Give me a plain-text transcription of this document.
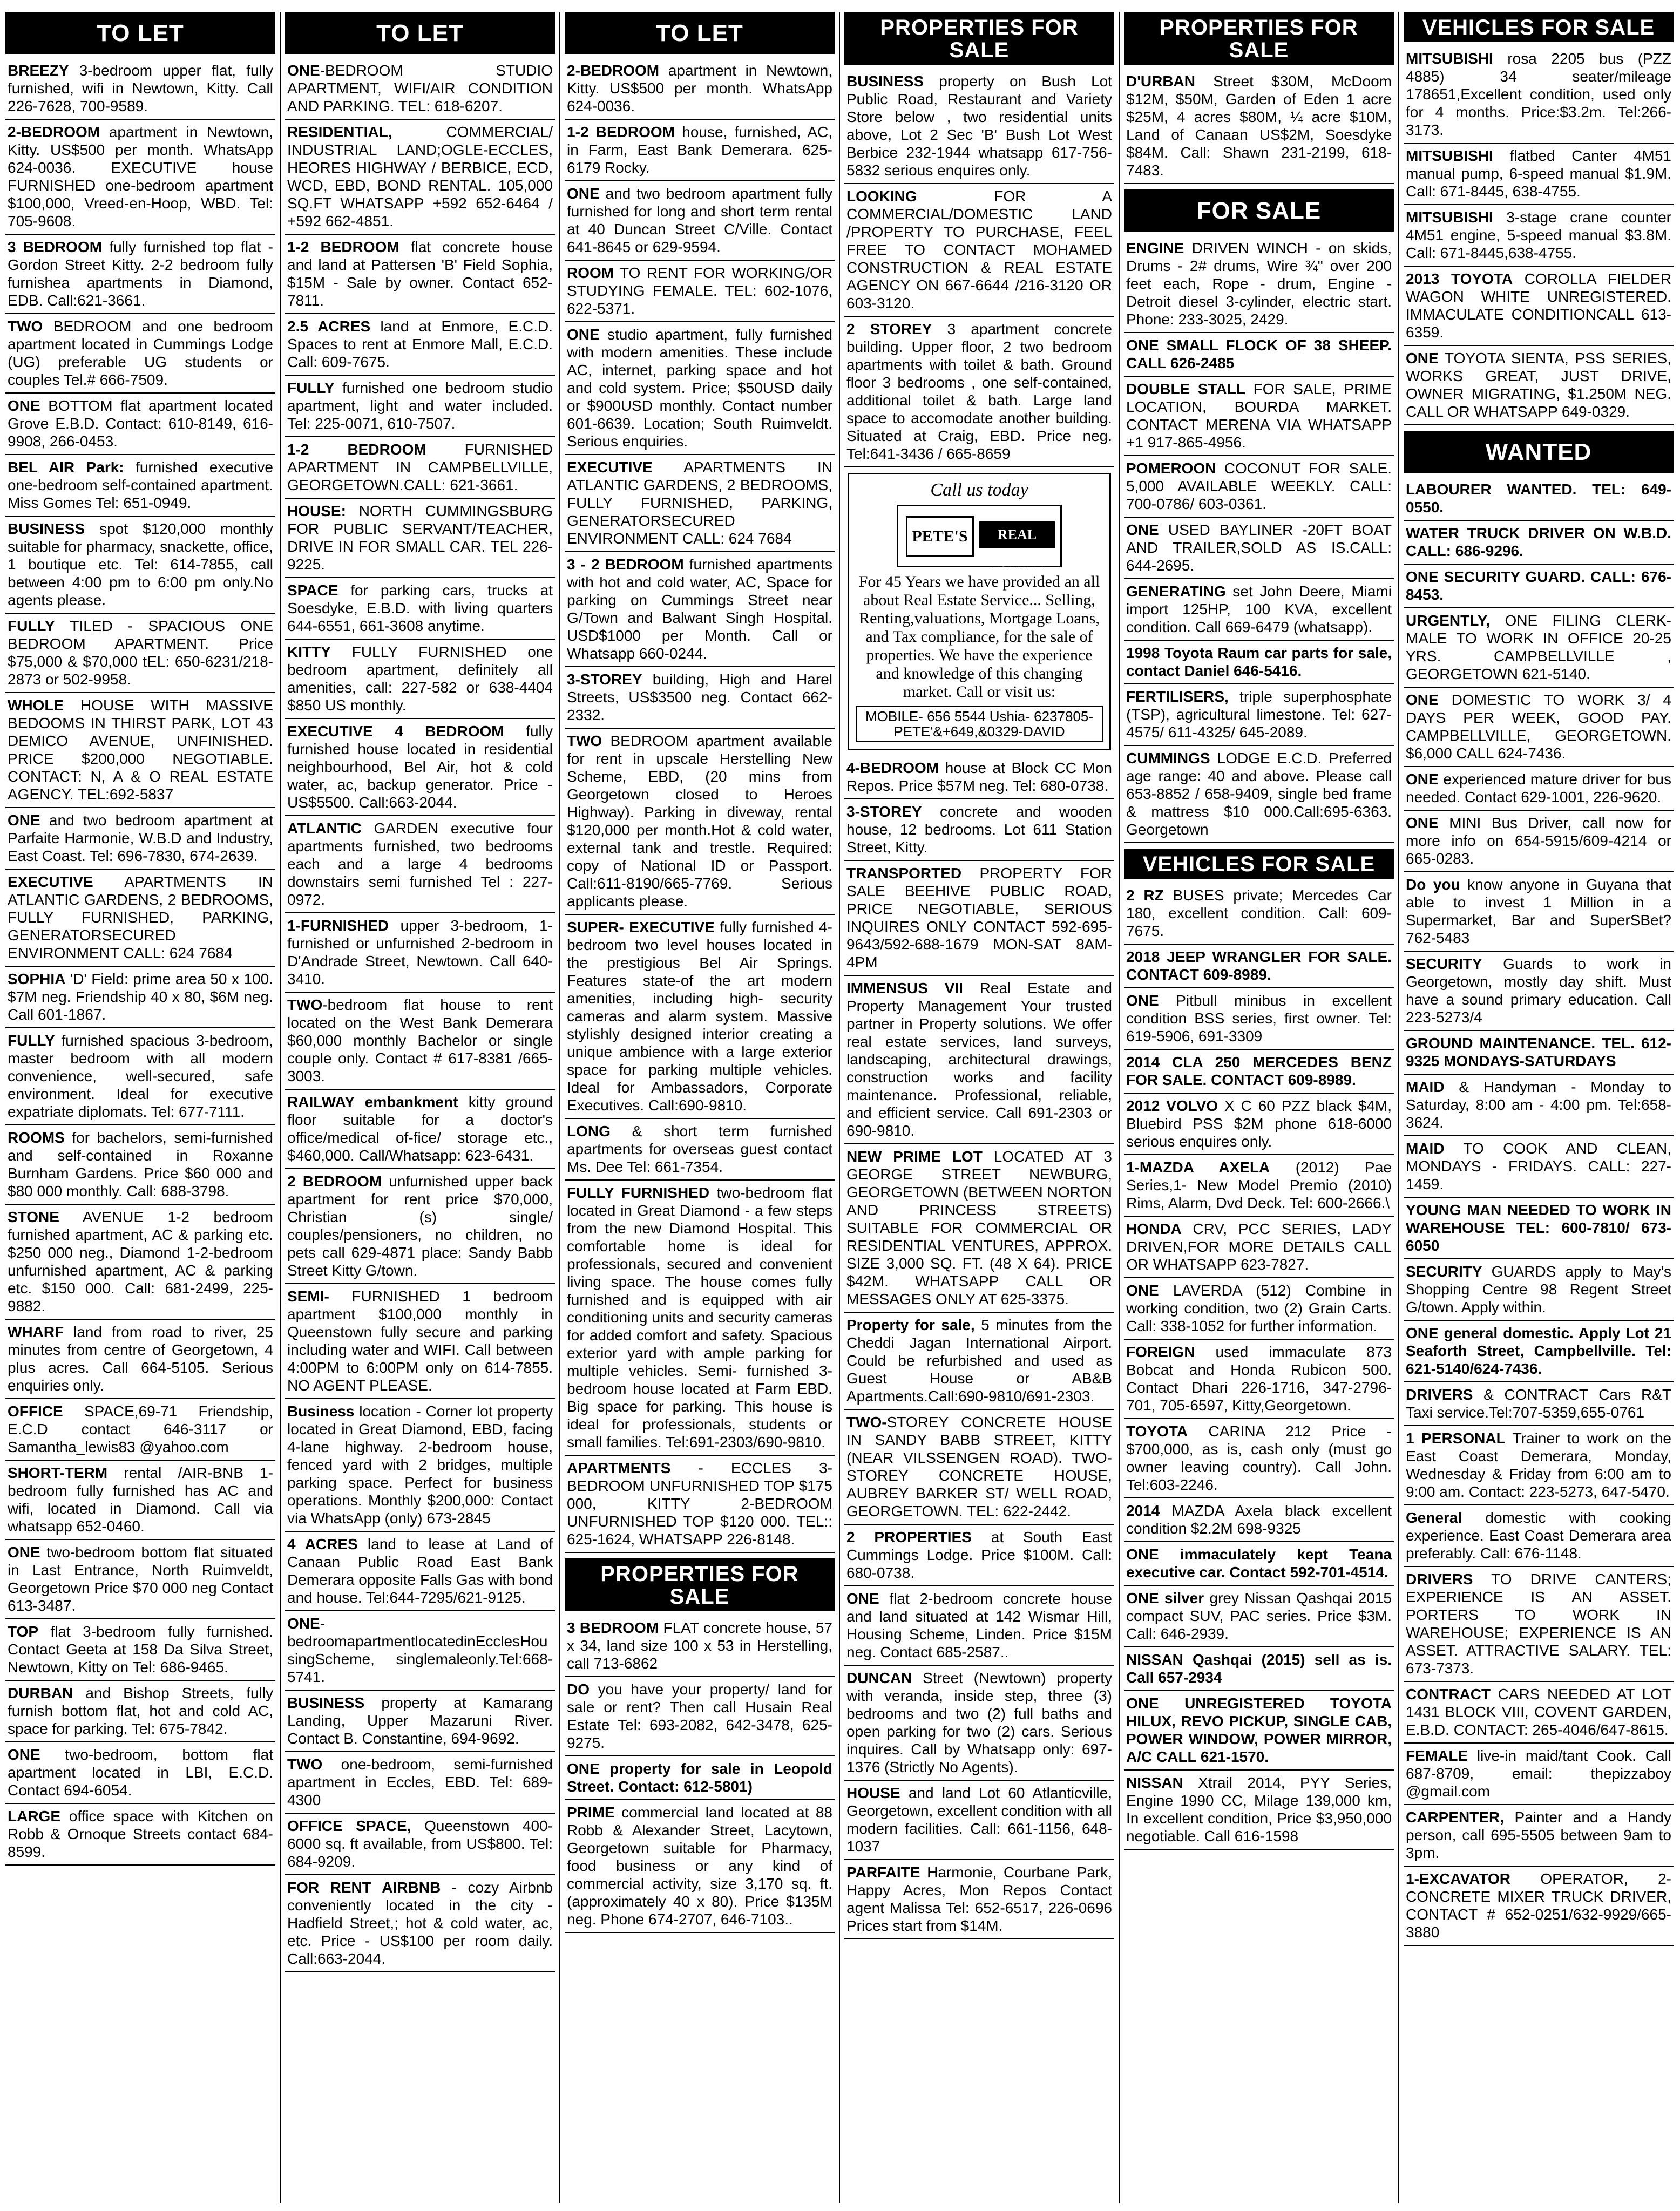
TO LET
BREEZY 3-bedroom upper flat, fully furnished, wifi in Newtown, Kitty. Call 226-7628, 700-9589.
2-BEDROOM apartment in Newtown, Kitty. US$500 per month. WhatsApp 624-0036. EXECUTIVE house FURNISHED one-bedroom apartment $100,000, Vreed-en-Hoop, WBD. Tel: 705-9608.
3 BEDROOM fully furnished top flat - Gordon Street Kitty. 2-2 bedroom fully furnishea apartments in Diamond, EDB. Call:621-3661.
TWO BEDROOM and one bedroom apartment located in Cummings Lodge (UG) preferable UG students or couples Tel.# 666-7509.
ONE BOTTOM flat apartment located Grove E.B.D. Contact: 610-8149, 616-9908, 266-0453.
BEL AIR Park: furnished executive one-bedroom self-contained apartment. Miss Gomes Tel: 651-0949.
BUSINESS spot $120,000 monthly suitable for pharmacy, snackette, office, 1 boutique etc. Tel: 614-7855, call between 4:00 pm to 6:00 pm only.No agents please.
FULLY TILED - SPACIOUS ONE BEDROOM APARTMENT. Price $75,000 & $70,000 tEL: 650-6231/218-2873 or 502-9958.
WHOLE HOUSE WITH MASSIVE BEDOOMS IN THIRST PARK, LOT 43 DEMICO AVENUE, UNFINISHED. PRICE $200,000 NEGOTIABLE. CONTACT: N, A & O REAL ESTATE AGENCY. TEL:692-5837
ONE and two bedroom apartment at Parfaite Harmonie, W.B.D and Industry, East Coast. Tel: 696-7830, 674-2639.
EXECUTIVE APARTMENTS IN ATLANTIC GARDENS, 2 BEDROOMS, FULLY FURNISHED, PARKING, GENERATORSECURED ENVIRONMENT CALL: 624 7684
SOPHIA 'D' Field: prime area 50 x 100. $7M neg. Friendship 40 x 80, $6M neg. Call 601-1867.
FULLY furnished spacious 3-bedroom, master bedroom with all modern convenience, well-secured, safe environment. Ideal for executive expatriate diplomats. Tel: 677-7111.
ROOMS for bachelors, semi-furnished and self-contained in Roxanne Burnham Gardens. Price $60 000 and $80 000 monthly. Call: 688-3798.
STONE AVENUE 1-2 bedroom furnished apartment, AC & parking etc. $250 000 neg., Diamond 1-2-bedroom unfurnished apartment, AC & parking etc. $150 000. Call: 681-2499, 225-9882.
WHARF land from road to river, 25 minutes from centre of Georgetown, 4 plus acres. Call 664-5105. Serious enquiries only.
OFFICE SPACE,69-71 Friendship, E.C.D contact 646-3117 or Samantha_lewis83 @yahoo.com
SHORT-TERM rental /AIR-BNB 1-bedroom fully furnished has AC and wifi, located in Diamond. Call via whatsapp 652-0460.
ONE two-bedroom bottom flat situated in Last Entrance, North Ruimveldt, Georgetown Price $70 000 neg Contact 613-3487.
TOP flat 3-bedroom fully furnished. Contact Geeta at 158 Da Silva Street, Newtown, Kitty on Tel: 686-9465.
DURBAN and Bishop Streets, fully furnish bottom flat, hot and cold AC, space for parking. Tel: 675-7842.
ONE two-bedroom, bottom flat apartment located in LBI, E.C.D. Contact 694-6054.
LARGE office space with Kitchen on Robb & Ornoque Streets contact 684-8599.
TO LET
ONE-BEDROOM STUDIO APARTMENT, WIFI/AIR CONDITION AND PARKING. TEL: 618-6207.
RESIDENTIAL, COMMERCIAL/ INDUSTRIAL LAND;OGLE-ECCLES, HEORES HIGHWAY / BERBICE, ECD, WCD, EBD, BOND RENTAL. 105,000 SQ.FT WHATSAPP +592 652-6464 / +592 662-4851.
1-2 BEDROOM flat concrete house and land at Pattersen 'B' Field Sophia, $15M - Sale by owner. Contact 652-7811.
2.5 ACRES land at Enmore, E.C.D. Spaces to rent at Enmore Mall, E.C.D. Call: 609-7675.
FULLY furnished one bedroom studio apartment, light and water included. Tel: 225-0071, 610-7507.
1-2 BEDROOM FURNISHED APARTMENT IN CAMPBELLVILLE, GEORGETOWN.CALL: 621-3661.
HOUSE: NORTH CUMMINGSBURG FOR PUBLIC SERVANT/TEACHER, DRIVE IN FOR SMALL CAR. TEL 226-9225.
SPACE for parking cars, trucks at Soesdyke, E.B.D. with living quarters 644-6551, 661-3608 anytime.
KITTY FULLY FURNISHED one bedroom apartment, definitely all amenities, call: 227-582 or 638-4404 $850 US monthly.
EXECUTIVE 4 BEDROOM fully furnished house located in residential neighbourhood, Bel Air, hot & cold water, ac, backup generator. Price - US$5500. Call:663-2044.
ATLANTIC GARDEN executive four apartments furnished, two bedrooms each and a large 4 bedrooms downstairs semi furnished Tel : 227-0972.
1-FURNISHED upper 3-bedroom, 1-furnished or unfurnished 2-bedroom in D'Andrade Street, Newtown. Call 640-3410.
TWO-bedroom flat house to rent located on the West Bank Demerara $60,000 monthly Bachelor or single couple only. Contact # 617-8381 /665-3003.
RAILWAY embankment kitty ground floor suitable for a doctor's office/medical of-fice/ storage etc., $460,000. Call/Whatsapp: 623-6431.
2 BEDROOM unfurnished upper back apartment for rent price $70,000, Christian (s) single/ couples/pensioners, no children, no pets call 629-4871 place: Sandy Babb Street Kitty G/town.
SEMI- FURNISHED 1 bedroom apartment $100,000 monthly in Queenstown fully secure and parking including water and WIFI. Call between 4:00PM to 6:00PM only on 614-7855. NO AGENT PLEASE.
Business location - Corner lot property located in Great Diamond, EBD, facing 4-lane highway. 2-bedroom house, fenced yard with 2 bridges, multiple parking space. Perfect for business operations. Monthly $200,000: Contact via WhatsApp (only) 673-2845
4 ACRES land to lease at Land of Canaan Public Road East Bank Demerara opposite Falls Gas with bond and house. Tel:644-7295/621-9125.
ONE-bedroomapartmentlocatedinEcclesHousingScheme, singlemaleonly.Tel:668-5741.
BUSINESS property at Kamarang Landing, Upper Mazaruni River. Contact B. Constantine, 694-9692.
TWO one-bedroom, semi-furnished apartment in Eccles, EBD. Tel: 689-4300
OFFICE SPACE, Queenstown 400-6000 sq. ft available, from US$800. Tel: 684-9209.
FOR RENT AIRBNB - cozy Airbnb conveniently located in the city - Hadfield Street,; hot & cold water, ac, etc. Price - US$100 per room daily. Call:663-2044.
TO LET
2-BEDROOM apartment in Newtown, Kitty. US$500 per month. WhatsApp 624-0036.
1-2 BEDROOM house, furnished, AC, in Farm, East Bank Demerara. 625-6179 Rocky.
ONE and two bedroom apartment fully furnished for long and short term rental at 40 Duncan Street C/Ville. Contact 641-8645 or 629-9594.
ROOM TO RENT FOR WORKING/OR STUDYING FEMALE. TEL: 602-1076, 622-5371.
ONE studio apartment, fully furnished with modern amenities. These include AC, internet, parking space and hot and cold system. Price; $50USD daily or $900USD monthly. Contact number 601-6639. Location; South Ruimveldt. Serious enquiries.
EXECUTIVE APARTMENTS IN ATLANTIC GARDENS, 2 BEDROOMS, FULLY FURNISHED, PARKING, GENERATORSECURED ENVIRONMENT CALL: 624 7684
3 - 2 BEDROOM furnished apartments with hot and cold water, AC, Space for parking on Cummings Street near G/Town and Balwant Singh Hospital. USD$1000 per Month. Call or Whatsapp 660-0244.
3-STOREY building, High and Harel Streets, US$3500 neg. Contact 662-2332.
TWO BEDROOM apartment available for rent in upscale Herstelling New Scheme, EBD, (20 mins from Georgetown closed to Heroes Highway). Parking in diveway, rental $120,000 per month.Hot & cold water, external tank and trestle. Required: copy of National ID or Passport. Call:611-8190/665-7769. Serious applicants please.
SUPER- EXECUTIVE fully furnished 4-bedroom two level houses located in the prestigious Bel Air Springs. Features state-of the art modern amenities, including high- security cameras and alarm system. Massive stylishly designed interior creating a unique ambience with a large exterior space for parking multiple vehicles. Ideal for Ambassadors, Corporate Executives. Call:690-9810.
LONG & short term furnished apartments for overseas guest contact Ms. Dee Tel: 661-7354.
FULLY FURNISHED two-bedroom flat located in Great Diamond - a few steps from the new Diamond Hospital. This comfortable home is ideal for professionals, secured and convenient living space. The house comes fully furnished and is equipped with air conditioning units and security cameras for added comfort and safety. Spacious exterior yard with ample parking for multiple vehicles. Semi- furnished 3-bedroom house located at Farm EBD. Big space for parking. This house is ideal for professionals, students or small families. Tel:691-2303/690-9810.
APARTMENTS - ECCLES 3-BEDROOM UNFURNISHED TOP $175 000, KITTY 2-BEDROOM UNFURNISHED TOP $120 000. TEL:: 625-1624, WHATSAPP 226-8148.
PROPERTIES FOR SALE
3 BEDROOM FLAT concrete house, 57 x 34, land size 100 x 53 in Herstelling, call 713-6862
DO you have your property/ land for sale or rent? Then call Husain Real Estate Tel: 693-2082, 642-3478, 625-9275.
ONE property for sale in Leopold Street. Contact: 612-5801)
PRIME commercial land located at 88 Robb & Alexander Street, Lacytown, Georgetown suitable for Pharmacy, food business or any kind of commercial activity, size 3,170 sq. ft. (approximately 40 x 80). Price $135M neg. Phone 674-2707, 646-7103..
PROPERTIES FOR SALE
BUSINESS property on Bush Lot Public Road, Restaurant and Variety Store below , two residential units above, Lot 2 Sec 'B' Bush Lot West Berbice 232-1944 whatsapp 617-756-5832 serious enquires only.
LOOKING FOR A COMMERCIAL/DOMESTIC LAND /PROPERTY TO PURCHASE, FEEL FREE TO CONTACT MOHAMED CONSTRUCTION & REAL ESTATE AGENCY ON 667-6644 /216-3120 OR 603-3120.
2 STOREY 3 apartment concrete building. Upper floor, 2 two bedroom apartments with toilet & bath. Ground floor 3 bedrooms , one self-contained, additional toilet & bath. Large land space to accomodate another building. Situated at Craig, EBD. Price neg. Tel:641-3436 / 665-8659
Call us today
PETE'S	REAL ESTATE
For 45 Years we have provided an all about Real Estate Service... Selling, Renting,valuations, Mortgage Loans, and Tax compliance, for the sale of properties. We have the experience and knowledge of this changing market. Call or visit us:
MOBILE- 656 5544 Ushia- 6237805- PETE'&+649,&0329-DAVID
4-BEDROOM house at Block CC Mon Repos. Price $57M neg. Tel: 680-0738.
3-STOREY concrete and wooden house, 12 bedrooms. Lot 611 Station Street, Kitty.
TRANSPORTED PROPERTY FOR SALE BEEHIVE PUBLIC ROAD, PRICE NEGOTIABLE, SERIOUS INQUIRES ONLY CONTACT 592-695-9643/592-688-1679 MON-SAT 8AM-4PM
IMMENSUS VII Real Estate and Property Management Your trusted partner in Property solutions. We offer real estate services, land surveys, landscaping, architectural drawings, construction works and facility maintenance. Professional, reliable, and efficient service. Call 691-2303 or 690-9810.
NEW PRIME LOT LOCATED AT 3 GEORGE STREET NEWBURG, GEORGETOWN (BETWEEN NORTON AND PRINCESS STREETS) SUITABLE FOR COMMERCIAL OR RESIDENTIAL VENTURES, APPROX. SIZE 3,000 SQ. FT. (48 X 64). PRICE $42M. WHATSAPP CALL OR MESSAGES ONLY AT 625-3375.
Property for sale, 5 minutes from the Cheddi Jagan International Airport. Could be refurbished and used as Guest House or AB&B Apartments.Call:690-9810/691-2303.
TWO-STOREY CONCRETE HOUSE IN SANDY BABB STREET, KITTY (NEAR VILSSENGEN ROAD). TWO-STOREY CONCRETE HOUSE, AUBREY BARKER ST/ WELL ROAD, GEORGETOWN. TEL: 622-2442.
2 PROPERTIES at South East Cummings Lodge. Price $100M. Call: 680-0738.
ONE flat 2-bedroom concrete house and land situated at 142 Wismar Hill, Housing Scheme, Linden. Price $15M neg. Contact 685-2587..
DUNCAN Street (Newtown) property with veranda, inside step, three (3) bedrooms and two (2) full baths and open parking for two (2) cars. Serious inquires. Call by Whatsapp only: 697-1376 (Strictly No Agents).
HOUSE and land Lot 60 Atlanticville, Georgetown, excellent condition with all modern facilities. Call: 661-1156, 648-1037
PARFAITE Harmonie, Courbane Park, Happy Acres, Mon Repos Contact agent Malissa Tel: 652-6517, 226-0696 Prices start from $14M.
PROPERTIES FOR SALE
D'URBAN Street $30M, McDoom $12M, $50M, Garden of Eden 1 acre $25M, 4 acres $80M, ¼ acre $10M, Land of Canaan US$2M, Soesdyke $84M. Call: Shawn 231-2199, 618-7483.
FOR SALE
ENGINE DRIVEN WINCH - on skids, Drums - 2# drums, Wire ¾" over 200 feet each, Rope - drum, Engine - Detroit diesel 3-cylinder, electric start. Phone: 233-3025, 2429.
ONE SMALL FLOCK OF 38 SHEEP. CALL 626-2485
DOUBLE STALL FOR SALE, PRIME LOCATION, BOURDA MARKET. CONTACT MERENA VIA WHATSAPP +1 917-865-4956.
POMEROON COCONUT FOR SALE. 5,000 AVAILABLE WEEKLY. CALL: 700-0786/ 603-0361.
ONE USED BAYLINER -20FT BOAT AND TRAILER,SOLD AS IS.CALL: 644-2695.
GENERATING set John Deere, Miami import 125HP, 100 KVA, excellent condition. Call 669-6479 (whatsapp).
1998 Toyota Raum car parts for sale, contact Daniel 646-5416.
FERTILISERS, triple superphosphate (TSP), agricultural limestone. Tel: 627-4575/ 611-4325/ 645-2089.
CUMMINGS LODGE E.C.D. Preferred age range: 40 and above. Please call 653-8852 / 658-9409, single bed frame & mattress $10 000.Call:695-6363. Georgetown
VEHICLES FOR SALE
2 RZ BUSES private; Mercedes Car 180, excellent condition. Call: 609-7675.
2018 JEEP WRANGLER FOR SALE. CONTACT 609-8989.
ONE Pitbull minibus in excellent condition BSS series, first owner. Tel: 619-5906, 691-3309
2014 CLA 250 MERCEDES BENZ FOR SALE. CONTACT 609-8989.
2012 VOLVO X C 60 PZZ black $4M, Bluebird PSS $2M phone 618-6000 serious enquires only.
1-MAZDA AXELA (2012) Pae Series,1- New Model Premio (2010) Rims, Alarm, Dvd Deck. Tel: 600-2666.\
HONDA CRV, PCC SERIES, LADY DRIVEN,FOR MORE DETAILS CALL OR WHATSAPP 623-7827.
ONE LAVERDA (512) Combine in working condition, two (2) Grain Carts. Call: 338-1052 for further information.
FOREIGN used immaculate 873 Bobcat and Honda Rubicon 500. Contact Dhari 226-1716, 347-2796-701, 705-6597, Kitty,Georgetown.
TOYOTA CARINA 212 Price - $700,000, as is, cash only (must go owner leaving country). Call John. Tel:603-2246.
2014 MAZDA Axela black excellent condition $2.2M 698-9325
ONE immaculately kept Teana executive car. Contact 592-701-4514.
ONE silver grey Nissan Qashqai 2015 compact SUV, PAC series. Price $3M. Call: 646-2939.
NISSAN Qashqai (2015) sell as is. Call 657-2934
ONE UNREGISTERED TOYOTA HILUX, REVO PICKUP, SINGLE CAB, POWER WINDOW, POWER MIRROR, A/C CALL 621-1570.
NISSAN Xtrail 2014, PYY Series, Engine 1990 CC, Milage 139,000 km, In excellent condition, Price $3,950,000 negotiable. Call 616-1598
VEHICLES FOR SALE
MITSUBISHI rosa 2205 bus (PZZ 4885) 34 seater/mileage 178651,Excellent condition, used only for 4 months. Price:$3.2m. Tel:266-3173.
MITSUBISHI flatbed Canter 4M51 manual pump, 6-speed manual $1.9M. Call: 671-8445, 638-4755.
MITSUBISHI 3-stage crane counter 4M51 engine, 5-speed manual $3.8M. Call: 671-8445,638-4755.
2013 TOYOTA COROLLA FIELDER WAGON WHITE UNREGISTERED. IMMACULATE CONDITIONCALL 613-6359.
ONE TOYOTA SIENTA, PSS SERIES, WORKS GREAT, JUST DRIVE, OWNER MIGRATING, $1.250M NEG. CALL OR WHATSAPP 649-0329.
WANTED
LABOURER WANTED. TEL: 649-0550.
WATER TRUCK DRIVER ON W.B.D. CALL: 686-9296.
ONE SECURITY GUARD. CALL: 676-8453.
URGENTLY, ONE FILING CLERK- MALE TO WORK IN OFFICE 20-25 YRS. CAMPBELLVILLE , GEORGETOWN 621-5140.
ONE DOMESTIC TO WORK 3/ 4 DAYS PER WEEK, GOOD PAY. CAMPBELLVILLE, GEORGETOWN. $6,000 CALL 624-7436.
ONE experienced mature driver for bus needed. Contact 629-1001, 226-9620.
ONE MINI Bus Driver, call now for more info on 654-5915/609-4214 or 665-0283.
Do you know anyone in Guyana that able to invest 1 Million in a Supermarket, Bar and SuperSBet? 762-5483
SECURITY Guards to work in Georgetown, mostly day shift. Must have a sound primary education. Call 223-5273/4
GROUND MAINTENANCE. TEL. 612-9325 MONDAYS-SATURDAYS
MAID & Handyman - Monday to Saturday, 8:00 am - 4:00 pm. Tel:658-3624.
MAID TO COOK AND CLEAN, MONDAYS - FRIDAYS. CALL: 227-1459.
YOUNG MAN NEEDED TO WORK IN WAREHOUSE TEL: 600-7810/ 673-6050
SECURITY GUARDS apply to May's Shopping Centre 98 Regent Street G/town. Apply within.
ONE general domestic. Apply Lot 21 Seaforth Street, Campbellville. Tel: 621-5140/624-7436.
DRIVERS & CONTRACT Cars R&T Taxi service.Tel:707-5359,655-0761
1 PERSONAL Trainer to work on the East Coast Demerara, Monday, Wednesday & Friday from 6:00 am to 9:00 am. Contact: 223-5273, 647-5470.
General domestic with cooking experience. East Coast Demerara area preferably. Call: 676-1148.
DRIVERS TO DRIVE CANTERS; EXPERIENCE IS AN ASSET. PORTERS TO WORK IN WAREHOUSE; EXPERIENCE IS AN ASSET. ATTRACTIVE SALARY. TEL: 673-7373.
CONTRACT CARS NEEDED AT LOT 1431 BLOCK VIII, COVENT GARDEN, E.B.D. CONTACT: 265-4046/647-8615.
FEMALE live-in maid/tant Cook. Call 687-8709, email: thepizzaboy @gmail.com
CARPENTER, Painter and a Handy person, call 695-5505 between 9am to 3pm.
1-EXCAVATOR OPERATOR, 2- CONCRETE MIXER TRUCK DRIVER, CONTACT # 652-0251/632-9929/665-3880
